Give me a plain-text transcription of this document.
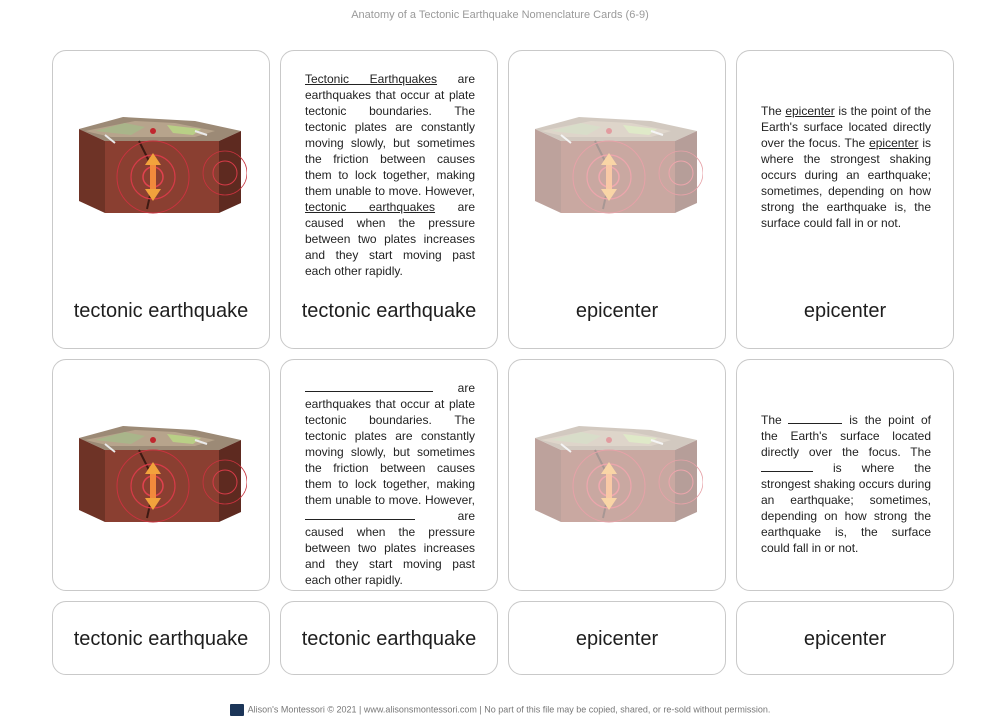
Anatomy of a Tectonic Earthquake Nomenclature Cards (6-9)
tectonic earthquake
Tectonic Earthquakes are earthquakes that occur at plate tectonic boundaries. The tectonic plates are constantly moving slowly, but sometimes the friction between causes them to lock together, making them unable to move. However, tectonic earthquakes are caused when the pressure between two plates increases and they start moving past each other rapidly.
tectonic earthquake	epicenter
The epicenter is the point of the Earth's surface located directly over the focus. The epicenter is where the strongest shaking occurs during an earthquake; sometimes, depending on how strong the earthquake is, the surface could fall in or not.
epicenter
are earthquakes that occur at plate tectonic boundaries. The tectonic plates are constantly moving slowly, but sometimes the friction between causes them to lock together, making them unable to move. However,  are caused when the pressure between two plates increases and they start moving past each other rapidly.
The	is the point of the Earth's surface located directly over the focus. The  is where the strongest shaking occurs during an earthquake; sometimes, depending on how strong the earthquake is, the surface could fall in or not.
tectonic earthquake	tectonic earthquake	epicenter	epicenter
Alison's Montessori © 2021 | www.alisonsmontessori.com | No part of this file may be copied, shared, or re-sold without permission.
